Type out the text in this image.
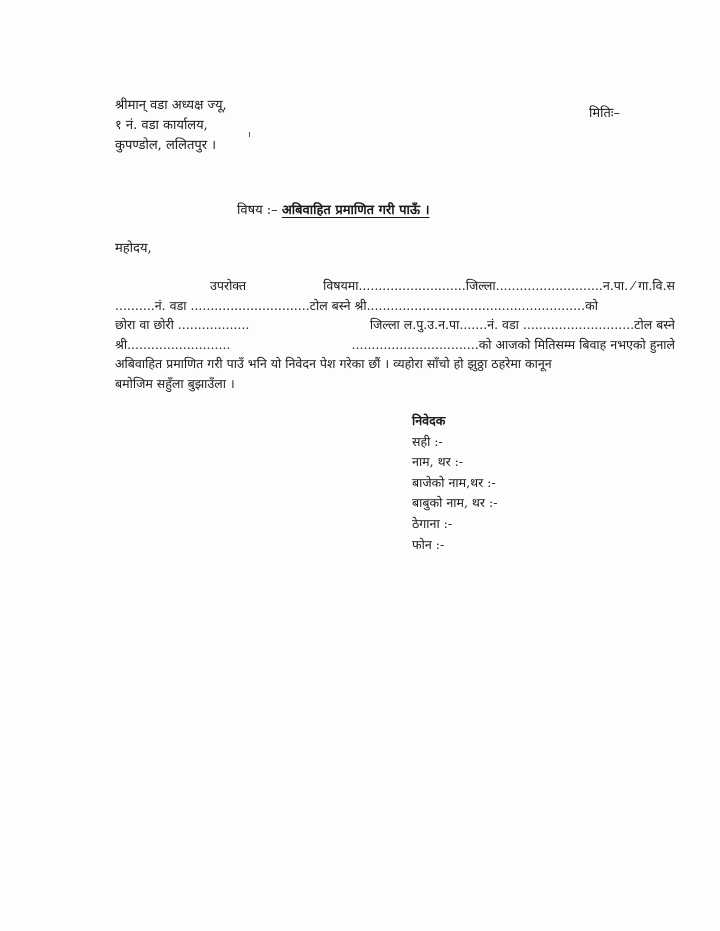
श्रीमान् वडा अध्यक्ष ज्यू,
१ नं. वडा कार्यालय,
कुपण्डोल, ललितपुर ।
मितिः–
विषय :– अबिवाहित प्रमाणित गरी पाऊँ ।
महोदय,
उपरोक्त	विषयमा...........................जिल्ला...........................न.पा. ⁄ गा.वि.स
..........नं. वडा ..............................टोल बस्ने श्री.......................................................को
छोरा वा छोरी ..................	जिल्ला ल.पु.उ.न.पा.......नं. वडा ............................टोल बस्ने
श्री..........................	................................को आजको मितिसम्म बिवाह नभएको हुनाले
अबिवाहित प्रमाणित गरी पाउँ भनि यो निवेदन पेश गरेका छौं । व्यहोरा साँचो हो झुठ्ठा ठहरेमा कानून
बमोजिम सहुँला बुझाउँला ।
निवेदक
सही :-
नाम, थर :-
बाजेको नाम,थर :-
बाबुको नाम, थर :-
ठेगाना :-
फोन :-
